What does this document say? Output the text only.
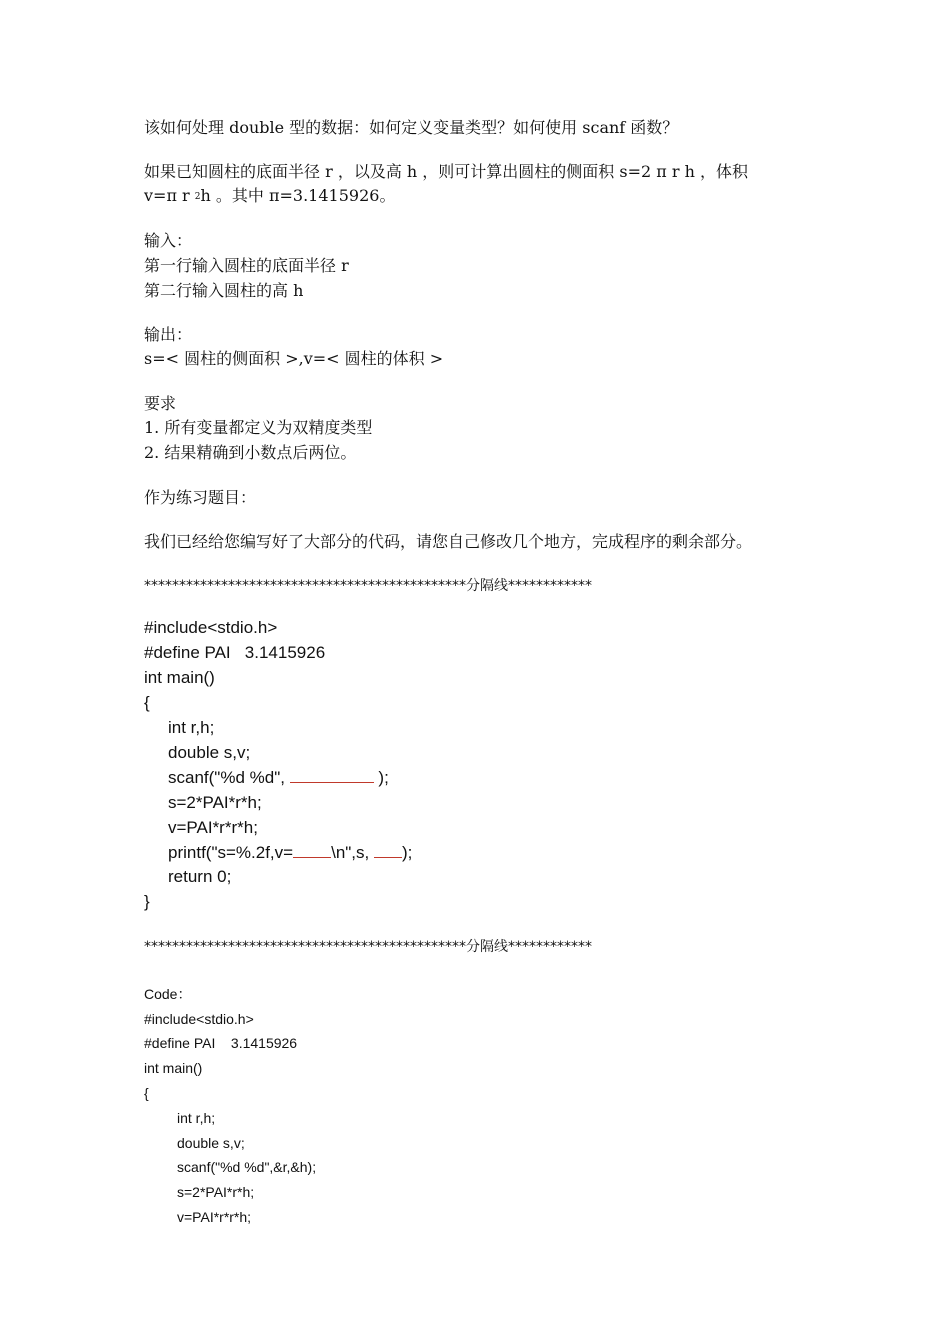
该如何处理 double 型的数据：如何定义变量类型？如何使用 scanf 函数？
如果已知圆柱的底面半径 r ，以及高 h ，则可计算出圆柱的侧面积 s=2 π r h ，体积
v=π r $^2$h 。其中 π=3.1415926。
输入：
第一行输入圆柱的底面半径 r
第二行输入圆柱的高 h
输出：
s=< 圆柱的侧面积 >,v=< 圆柱的体积 >
要求
1. 所有变量都定义为双精度类型
2. 结果精确到小数点后两位。
作为练习题目：
我们已经给您编写好了大部分的代码，请您自己修改几个地方，完成程序的剩余部分。
**********************************************分隔线************
#include<stdio.h>
#define PAI   3.1415926
int main()
{
int r,h;
double s,v;
scanf("%d %d",	);
s=2*PAI*r*h;
v=PAI*r*r*h;
printf("s=%.2f,v= \n",s, );
return 0;
}
**********************************************分隔线************
Code：
#include<stdio.h>
#define PAI    3.1415926
int main()
{
int r,h;
double s,v;
scanf("%d %d",&r,&h);
s=2*PAI*r*h;
v=PAI*r*r*h;
